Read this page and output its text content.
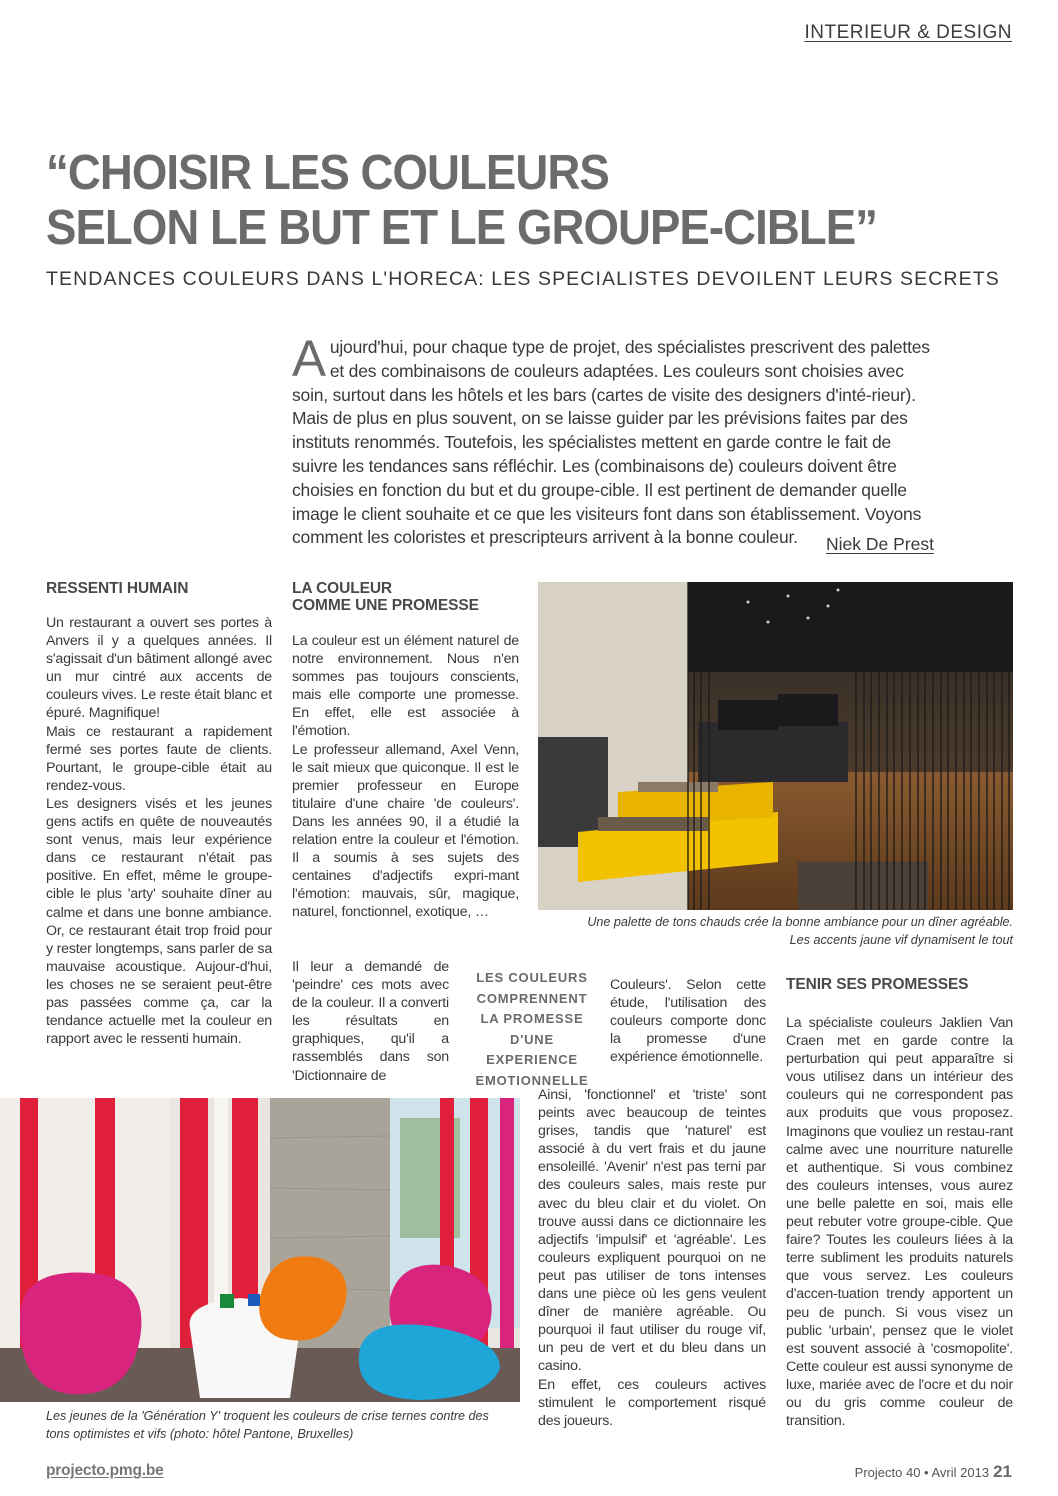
INTERIEUR & DESIGN
“CHOISIR LES COULEURS
SELON LE BUT ET LE GROUPE-CIBLE”
TENDANCES COULEURS DANS L'HORECA: LES SPECIALISTES DEVOILENT LEURS SECRETS
Aujourd'hui, pour chaque type de projet, des spécialistes prescrivent des palettes et des combinaisons de couleurs adaptées. Les couleurs sont choisies avec soin, surtout dans les hôtels et les bars (cartes de visite des designers d'inté-rieur). Mais de plus en plus souvent, on se laisse guider par les prévisions faites par des instituts renommés. Toutefois, les spécialistes mettent en garde contre le fait de suivre les tendances sans réfléchir. Les (combinaisons de) couleurs doivent être choisies en fonction du but et du groupe-cible. Il est pertinent de demander quelle image le client souhaite et ce que les visiteurs font dans son établissement. Voyons comment les coloristes et prescripteurs arrivent à la bonne couleur.	Niek De Prest
RESSENTI HUMAIN

Un restaurant a ouvert ses portes à Anvers il y a quelques années. Il s'agissait d'un bâtiment allongé avec un mur cintré aux accents de couleurs vives. Le reste était blanc et épuré. Magnifique!

Mais ce restaurant a rapidement fermé ses portes faute de clients. Pourtant, le groupe-cible était au rendez-vous.

Les designers visés et les jeunes gens actifs en quête de nouveautés sont venus, mais leur expérience dans ce restaurant n'était pas positive. En effet, même le groupe-cible le plus 'arty' souhaite dîner au calme et dans une bonne ambiance. Or, ce restaurant était trop froid pour y rester longtemps, sans parler de sa mauvaise acoustique. Aujour-d'hui, les choses ne se seraient peut-être pas passées comme ça, car la tendance actuelle met la couleur en rapport avec le ressenti humain.

LA COULEUR
COMME UNE PROMESSE

La couleur est un élément naturel de notre environnement. Nous n'en sommes pas toujours conscients, mais elle comporte une promesse. En effet, elle est associée à l'émotion.

Le professeur allemand, Axel Venn, le sait mieux que quiconque. Il est le premier professeur en Europe titulaire d'une chaire 'de couleurs'. Dans les années 90, il a étudié la relation entre la couleur et l'émotion. Il a soumis à ses sujets des centaines d'adjectifs expri-mant l'émotion: mauvais, sûr, magique, naturel, fonctionnel, exotique, …

Il leur a demandé de 'peindre' ces mots avec de la couleur. Il a converti les résultats en graphiques, qu'il a rassemblés dans son 'Dictionnaire de

LES COULEURS
COMPRENNENT
LA PROMESSE
D'UNE EXPERIENCE
EMOTIONNELLE
Couleurs'. Selon cette étude, l'utilisation des couleurs comporte donc la promesse d'une expérience émotionnelle.

Ainsi, 'fonctionnel' et 'triste' sont peints avec beaucoup de teintes grises, tandis que 'naturel' est associé à du vert frais et du jaune ensoleillé. 'Avenir' n'est pas terni par des couleurs sales, mais reste pur avec du bleu clair et du violet. On trouve aussi dans ce dictionnaire les adjectifs 'impulsif' et 'agréable'. Les couleurs expliquent pourquoi on ne peut pas utiliser de tons intenses dans une pièce où les gens veulent dîner de manière agréable. Ou pourquoi il faut utiliser du rouge vif, un peu de vert et du bleu dans un casino.

En effet, ces couleurs actives stimulent le comportement risqué des joueurs.

TENIR SES PROMESSES
La spécialiste couleurs Jaklien Van Craen met en garde contre la perturbation qui peut apparaître si vous utilisez dans un intérieur des couleurs qui ne correspondent pas aux produits que vous proposez. Imaginons que vouliez un restau-rant calme avec une nourriture naturelle et authentique. Si vous combinez des couleurs intenses, vous aurez une belle palette en soi, mais elle peut rebuter votre groupe-cible. Que faire? Toutes les couleurs liées à la terre subliment les produits naturels que vous servez. Les couleurs d'accen-tuation trendy apportent un peu de punch. Si vous visez un public 'urbain', pensez que le violet est souvent associé à 'cosmopolite'. Cette couleur est aussi synonyme de luxe, mariée avec de l'ocre et du noir ou du gris comme couleur de transition.
Une palette de tons chauds crée la bonne ambiance pour un dîner agréable.
Les accents jaune vif dynamisent le tout
Les jeunes de la 'Génération Y' troquent les couleurs de crise ternes contre des
tons optimistes et vifs (photo: hôtel Pantone, Bruxelles)
projecto.pmg.be	Projecto 40 • Avril 2013 21
